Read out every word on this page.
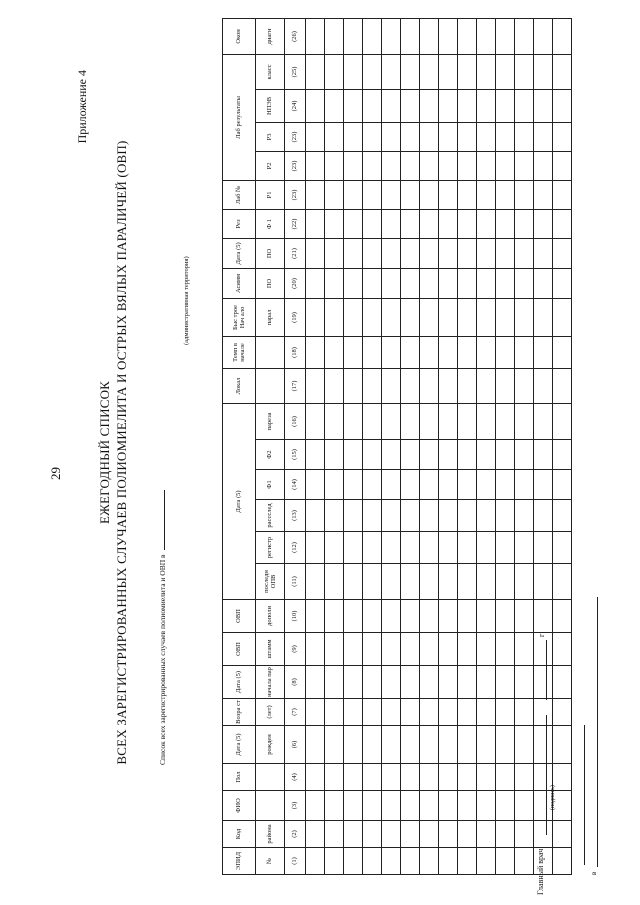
29
Приложение 4
ЕЖЕГОДНЫЙ СПИСОК ВСЕХ ЗАРЕГИСТРИРОВАННЫХ СЛУЧАЕВ ПОЛИОМИЕЛИТА И ОСТРЫХ ВЯЛЫХ ПАРАЛИЧЕЙ (ОВП)	Список всех зарегистрированных случаев полиомиелита и ОВП в
(административная территория)
ЭПИД	Код	ФИО	Пол	Дата (5)	Возра ст	Дата (5)	ОВП	ОВП	Дата (5)						Локал	Темп в начале	Быс трое Нач ало	Асимм	Дата (5)	Рез	Лаб №	Лаб результаты				Окон	
№	района			рожден	(лет)	начала пар	штамм	дополн	последн ОПВ	регистр	рассслед	Ф1	Ф2	пареза			парал	ПО	ПО	Ф 1	Р1	Р2	Р3	НПЭВ	класс	диагн	
(1)	(2)	(3)	(4)	(6)	(7)	(8)	(9)	(10)	(11)	(12)	(13)	(14)	(15)	(16)	(17)	(18)	(19)	(20)	(21)	(22)	(23)	(23)	(23)	(24)	(25)	(26)	

Главный врач
(подпись)
г
в
